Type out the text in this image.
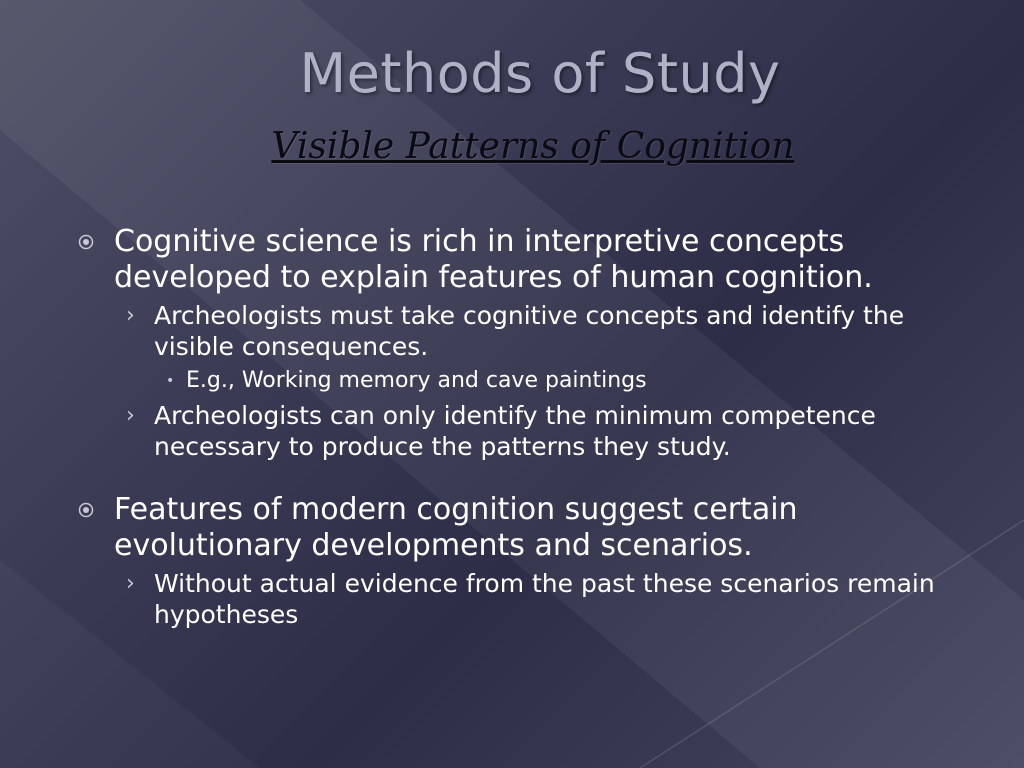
Methods of Study
Visible Patterns of Cognition
Cognitive science is rich in interpretive concepts developed to explain features of human cognition.
› Archeologists must take cognitive concepts and identify the visible consequences.
• E.g., Working memory and cave paintings
› Archeologists can only identify the minimum competence necessary to produce the patterns they study.
Features of modern cognition suggest certain evolutionary developments and scenarios.
› Without actual evidence from the past these scenarios remain hypotheses
